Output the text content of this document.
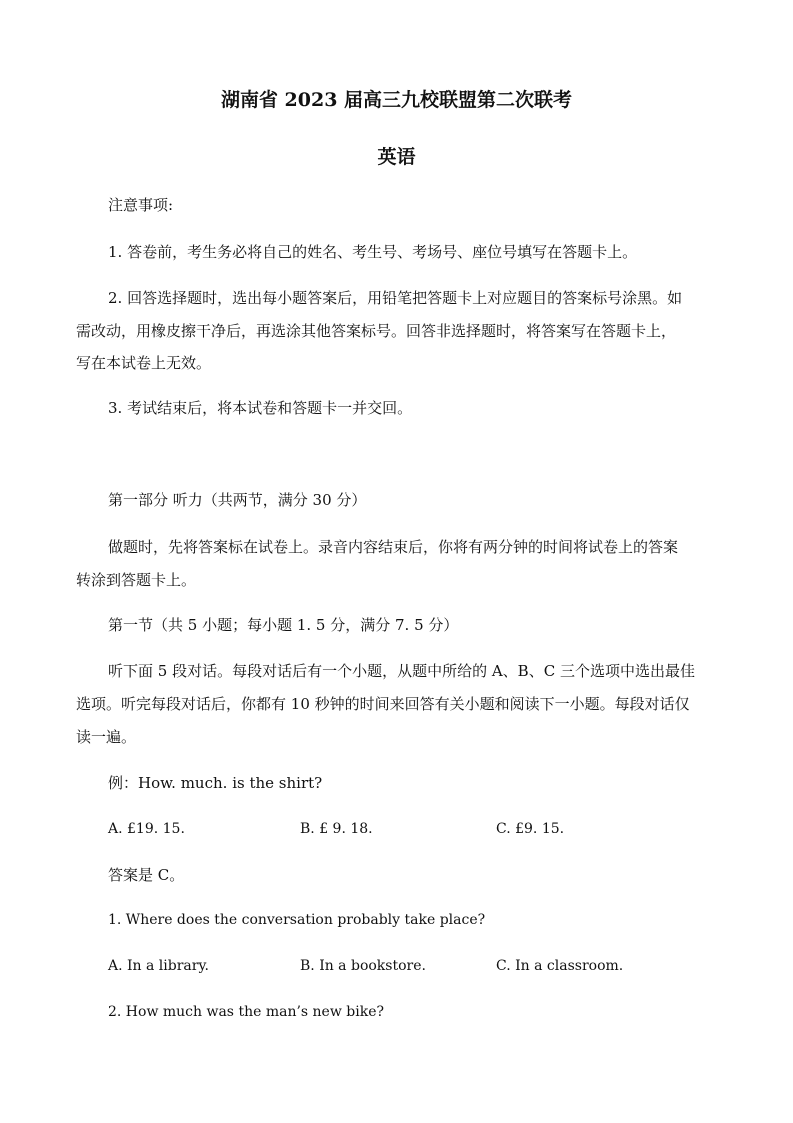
湖南省 2023 届高三九校联盟第二次联考
英语
注意事项:
1. 答卷前，考生务必将自己的姓名、考生号、考场号、座位号填写在答题卡上。
2. 回答选择题时，选出每小题答案后，用铅笔把答题卡上对应题目的答案标号涂黑。如
需改动，用橡皮擦干净后，再选涂其他答案标号。回答非选择题时，将答案写在答题卡上，
写在本试卷上无效。
3. 考试结束后，将本试卷和答题卡一并交回。
第一部分 听力（共两节，满分 30 分）
做题时，先将答案标在试卷上。录音内容结束后，你将有两分钟的时间将试卷上的答案
转涂到答题卡上。
第一节（共 5 小题；每小题 1. 5 分，满分 7. 5 分）
听下面 5 段对话。每段对话后有一个小题，从题中所给的 A、B、C 三个选项中选出最佳
选项。听完每段对话后，你都有 10 秒钟的时间来回答有关小题和阅读下一小题。每段对话仅
读一遍。
例：How. much. is the shirt?
A. £19. 15.	B. £ 9. 18.	C. £9. 15.
答案是 C。
1. Where does the conversation probably take place?
A. In a library.	B. In a bookstore.	C. In a classroom.
2. How much was the man’s new bike?
